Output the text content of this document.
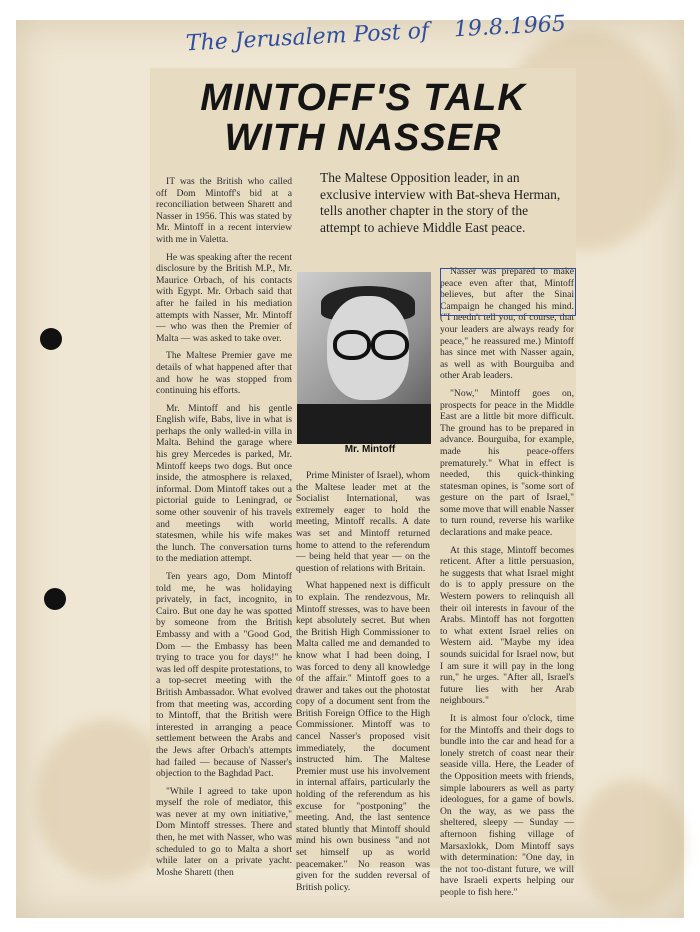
The Jerusalem Post of 19.8.1965
MINTOFF'S TALK
WITH NASSER
The Maltese Opposition leader, in an exclusive interview with Bat-sheva Herman, tells another chapter in the story of the attempt to achieve Middle East peace.

IT was the British who called off Dom Mintoff's bid at a reconciliation between Sharett and Nasser in 1956. This was stated by Mr. Mintoff in a recent interview with me in Valetta.

He was speaking after the recent disclosure by the British M.P., Mr. Maurice Orbach, of his contacts with Egypt. Mr. Orbach said that after he failed in his mediation attempts with Nasser, Mr. Mintoff — who was then the Premier of Malta — was asked to take over.

The Maltese Premier gave me details of what happened after that and how he was stopped from continuing his efforts.

Mr. Mintoff and his gentle English wife, Babs, live in what is perhaps the only walled-in villa in Malta. Behind the garage where his grey Mercedes is parked, Mr. Mintoff keeps two dogs. But once inside, the atmosphere is relaxed, informal. Dom Mintoff takes out a pictorial guide to Leningrad, or some other souvenir of his travels and meetings with world statesmen, while his wife makes the lunch. The conversation turns to the mediation attempt.

Ten years ago, Dom Mintoff told me, he was holidaying privately, in fact, incognito, in Cairo. But one day he was spotted by someone from the British Embassy and with a "Good God, Dom — the Embassy has been trying to trace you for days!" he was led off despite protestations, to a top-secret meeting with the British Ambassador. What evolved from that meeting was, according to Mintoff, that the British were interested in arranging a peace settlement between the Arabs and the Jews after Orbach's attempts had failed — because of Nasser's objection to the Baghdad Pact.

"While I agreed to take upon myself the role of mediator, this was never at my own initiative," Dom Mintoff stresses. There and then, he met with Nasser, who was scheduled to go to Malta a short while later on a private yacht. Moshe Sharett (then

Mr. Mintoff

Prime Minister of Israel), whom the Maltese leader met at the Socialist International, was extremely eager to hold the meeting, Mintoff recalls. A date was set and Mintoff returned home to attend to the referendum — being held that year — on the question of relations with Britain.

What happened next is difficult to explain. The rendezvous, Mr. Mintoff stresses, was to have been kept absolutely secret. But when the British High Commissioner to Malta called me and demanded to know what I had been doing, I was forced to deny all knowledge of the affair." Mintoff goes to a drawer and takes out the photostat copy of a document sent from the British Foreign Office to the High Commissioner. Mintoff was to cancel Nasser's proposed visit immediately, the document instructed him. The Maltese Premier must use his involvement in internal affairs, particularly the holding of the referendum as his excuse for "postponing" the meeting. And, the last sentence stated bluntly that Mintoff should mind his own business "and not set himself up as world peacemaker." No reason was given for the sudden reversal of British policy.

Nasser was prepared to make peace even after that, Mintoff believes, but after the Sinai Campaign he changed his mind. ("I needn't tell you, of course, that your leaders are always ready for peace," he reassured me.) Mintoff has since met with Nasser again, as well as with Bourguiba and other Arab leaders.

"Now," Mintoff goes on, prospects for peace in the Middle East are a little bit more difficult. The ground has to be prepared in advance. Bourguiba, for example, made his peace-offers prematurely." What in effect is needed, this quick-thinking statesman opines, is "some sort of gesture on the part of Israel," some move that will enable Nasser to turn round, reverse his warlike declarations and make peace.

At this stage, Mintoff becomes reticent. After a little persuasion, he suggests that what Israel might do is to apply pressure on the Western powers to relinquish all their oil interests in favour of the Arabs. Mintoff has not forgotten to what extent Israel relies on Western aid. "Maybe my idea sounds suicidal for Israel now, but I am sure it will pay in the long run," he urges. "After all, Israel's future lies with her Arab neighbours."

It is almost four o'clock, time for the Mintoffs and their dogs to bundle into the car and head for a lonely stretch of coast near their seaside villa. Here, the Leader of the Opposition meets with friends, simple labourers as well as party ideologues, for a game of bowls. On the way, as we pass the sheltered, sleepy — Sunday — afternoon fishing village of Marsaxlokk, Dom Mintoff says with determination: "One day, in the not too-distant future, we will have Israeli experts helping our people to fish here."
